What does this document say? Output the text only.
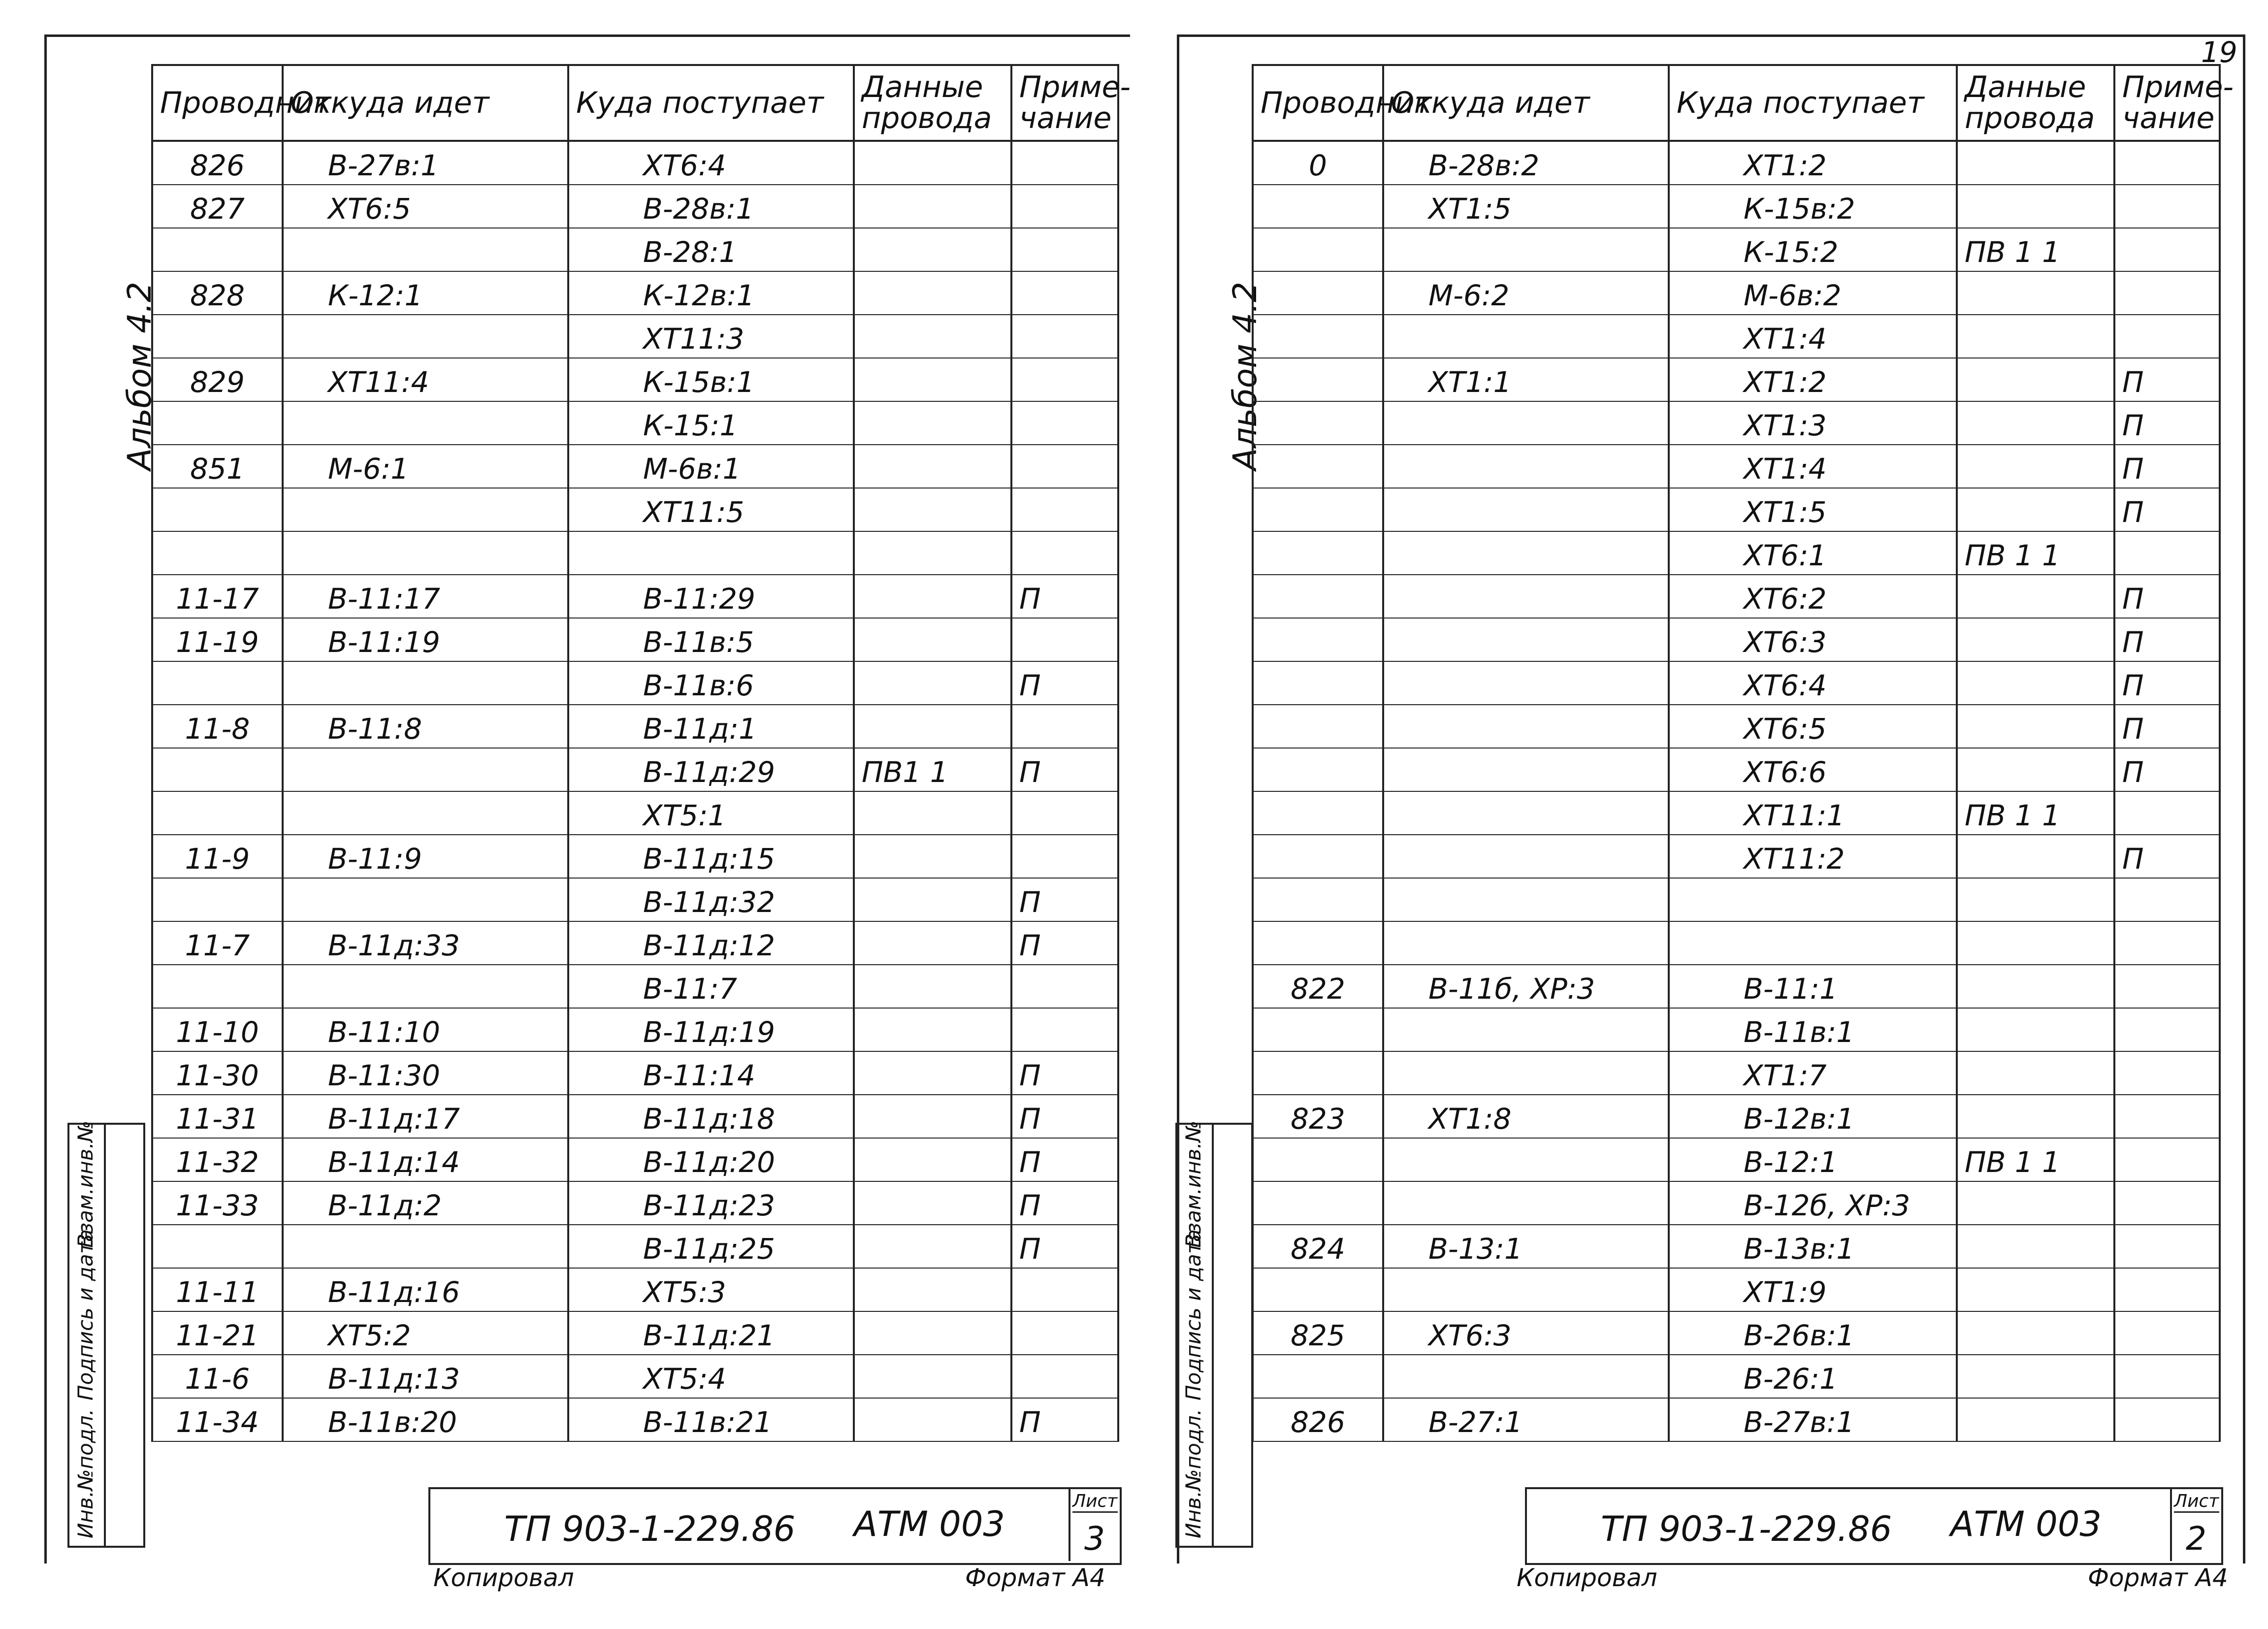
19
Альбом 4.2
Проводник	Откуда идет	Куда поступает	Данные провода	Приме-чание
826	В-27в:1	ХТ6:4		
827	ХТ6:5	В-28в:1		
		В-28:1		
828	К-12:1	К-12в:1		
		ХТ11:3		
829	ХТ11:4	К-15в:1		
		К-15:1		
851	М-6:1	М-6в:1		
		ХТ11:5		

11-17	В-11:17	В-11:29		П
11-19	В-11:19	В-11в:5		
		В-11в:6		П
11-8	В-11:8	В-11д:1		
		В-11д:29	ПВ1 1	П
		ХТ5:1		
11-9	В-11:9	В-11д:15		
		В-11д:32		П
11-7	В-11д:33	В-11д:12		П
		В-11:7		
11-10	В-11:10	В-11д:19		
11-30	В-11:30	В-11:14		П
11-31	В-11д:17	В-11д:18		П
11-32	В-11д:14	В-11д:20		П
11-33	В-11д:2	В-11д:23		П
		В-11д:25		П
11-11	В-11д:16	ХТ5:3		
11-21	ХТ5:2	В-11д:21		
11-6	В-11д:13	ХТ5:4		
11-34	В-11в:20	В-11в:21		П
Инв.№подл.
Подпись и дата
Взам.инв.№
ТП 903-1-229.86 АТМ 003
Лист
3
Копировал	Формат А4
Альбом 4.2
Проводник	Откуда идет	Куда поступает	Данные провода	Приме-чание
0	В-28в:2	ХТ1:2		
	ХТ1:5	К-15в:2		
		К-15:2	ПВ 1 1	
	М-6:2	М-6в:2		
		ХТ1:4		
	ХТ1:1	ХТ1:2		П
		ХТ1:3		П
		ХТ1:4		П
		ХТ1:5		П
		ХТ6:1	ПВ 1 1	
		ХТ6:2		П
		ХТ6:3		П
		ХТ6:4		П
		ХТ6:5		П
		ХТ6:6		П
		ХТ11:1	ПВ 1 1	
		ХТ11:2		П

822	В-11б, ХР:3	В-11:1		
		В-11в:1		
		ХТ1:7		
823	ХТ1:8	В-12в:1		
		В-12:1	ПВ 1 1	
		В-12б, ХР:3		
824	В-13:1	В-13в:1		
		ХТ1:9		
825	ХТ6:3	В-26в:1		
		В-26:1		
826	В-27:1	В-27в:1		
Инв.№подл.
Подпись и дата
Взам.инв.№
ТП 903-1-229.86 АТМ 003
Лист
2
Копировал	Формат А4
